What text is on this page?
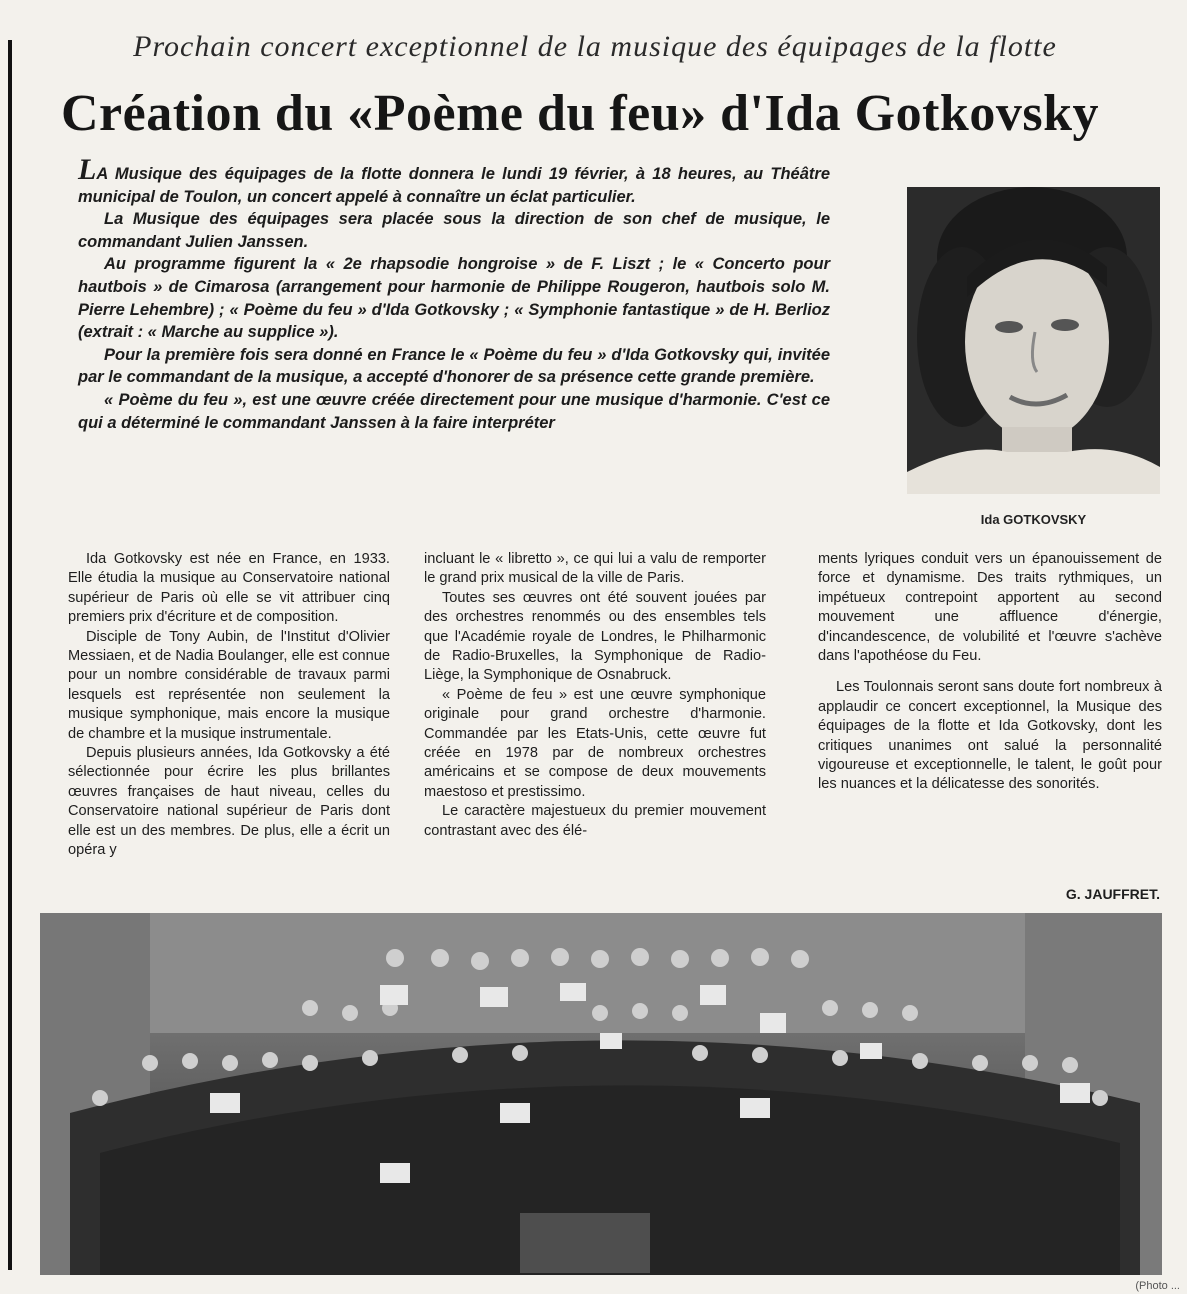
Prochain concert exceptionnel de la musique des équipages de la flotte
Création du «Poème du feu» d'Ida Gotkovsky

LA Musique des équipages de la flotte donnera le lundi 19 février, à 18 heures, au Théâtre municipal de Toulon, un concert appelé à connaître un éclat particulier.

La Musique des équipages sera placée sous la direction de son chef de musique, le commandant Julien Janssen.

Au programme figurent la « 2e rhapsodie hongroise » de F. Liszt ; le « Concerto pour hautbois » de Cimarosa (arrangement pour harmonie de Philippe Rougeron, hautbois solo M. Pierre Lehembre) ; « Poème du feu » d'Ida Gotkovsky ; « Symphonie fantastique » de H. Berlioz (extrait : « Marche au supplice »).

Pour la première fois sera donné en France le « Poème du feu » d'Ida Gotkovsky qui, invitée par le commandant de la musique, a accepté d'honorer de sa présence cette grande première.

« Poème du feu », est une œuvre créée directement pour une musique d'harmonie. C'est ce qui a déterminé le commandant Janssen à la faire interpréter

Ida GOTKOVSKY

Ida Gotkovsky est née en France, en 1933. Elle étudia la musique au Conservatoire national supérieur de Paris où elle se vit attribuer cinq premiers prix d'écriture et de composition.

Disciple de Tony Aubin, de l'Institut d'Olivier Messiaen, et de Nadia Boulanger, elle est connue pour un nombre considérable de travaux parmi lesquels est représentée non seulement la musique symphonique, mais encore la musique de chambre et la musique instrumentale.

Depuis plusieurs années, Ida Gotkovsky a été sélectionnée pour écrire les plus brillantes œuvres françaises de haut niveau, celles du Conservatoire national supérieur de Paris dont elle est un des membres. De plus, elle a écrit un opéra y

incluant le « libretto », ce qui lui a valu de remporter le grand prix musical de la ville de Paris.

Toutes ses œuvres ont été souvent jouées par des orchestres renommés ou des ensembles tels que l'Académie royale de Londres, le Philharmonic de Radio-Bruxelles, la Symphonique de Radio-Liège, la Symphonique de Osnabruck.

« Poème de feu » est une œuvre symphonique originale pour grand orchestre d'harmonie. Commandée par les Etats-Unis, cette œuvre fut créée en 1978 par de nombreux orchestres américains et se compose de deux mouvements maestoso et prestissimo.

Le caractère majestueux du premier mouvement contrastant avec des élé-

ments lyriques conduit vers un épanouissement de force et dynamisme. Des traits rythmiques, un impétueux contrepoint apportent au second mouvement une affluence d'énergie, d'incandescence, de volubilité et l'œuvre s'achève dans l'apothéose du Feu.

Les Toulonnais seront sans doute fort nombreux à applaudir ce concert exceptionnel, la Musique des équipages de la flotte et Ida Gotkovsky, dont les critiques unanimes ont salué la personnalité vigoureuse et exceptionnelle, le talent, le goût pour les nuances et la délicatesse des sonorités.

G. JAUFFRET.
(Photo ...
